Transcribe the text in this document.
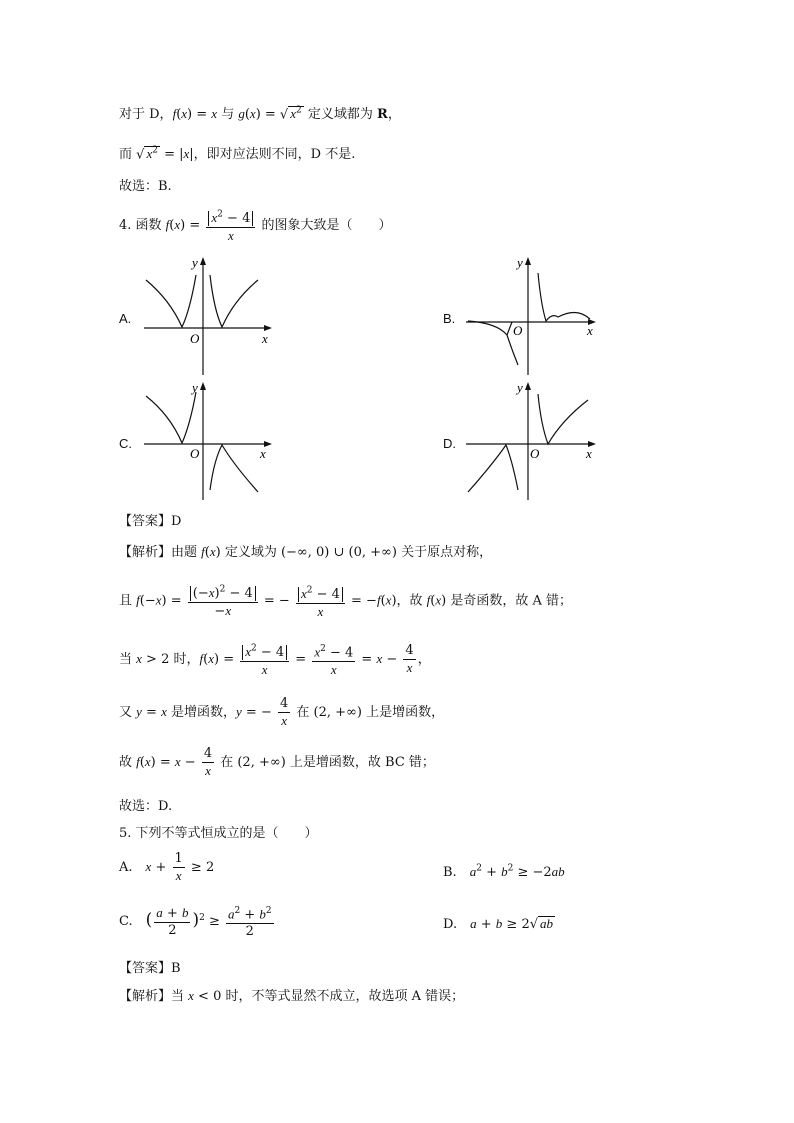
对于 D，f(x) = x 与 g(x) = √ $x^2$ 定义域都为 R，
而 √ $x^2 = |x|$，即对应法则不同，D 不是.
故选：B.
4. 函数 $f(x) = \frac{x^2 - 4}{x}$ 的图象大致是（　　）
A.
y
x
O
B.
y
x
O
C.
y
x
O
D.
y
x
O
【答案】D
【解析】由题 f(x) 定义域为 (−∞, 0) ∪ (0, +∞) 关于原点对称，
且 $f(-x) = \frac{(-x)^2 - 4}{-x}$ = − $\frac{x^2 - 4}{x} = -f(x)$，故 f(x) 是奇函数，故 A 错；
当 x > 2 时，$f(x) = \frac{x^2 - 4}{x} = \frac{x^2 - 4}{x} = x - \frac{4}{x}$ ，
又 y = x 是增函数，y = − $\frac{4}{x}$ 在 (2, +∞) 上是增函数，
故 $f(x) = x - \frac{4}{x}$ 在 (2, +∞) 上是增函数，故 BC 错；
故选：D.
5. 下列不等式恒成立的是（　　）
A.　 $x + \frac{1}{x} \ge 2$	B.　 $a^2 + b^2 \ge -2ab$
C.　 ( $\frac{a + b}{2} )^2 \ge \frac{a^2 + b^2}{2}$	D.　 a + b ≥ 2√ ab
【答案】B
【解析】当 x < 0 时，不等式显然不成立，故选项 A 错误；
